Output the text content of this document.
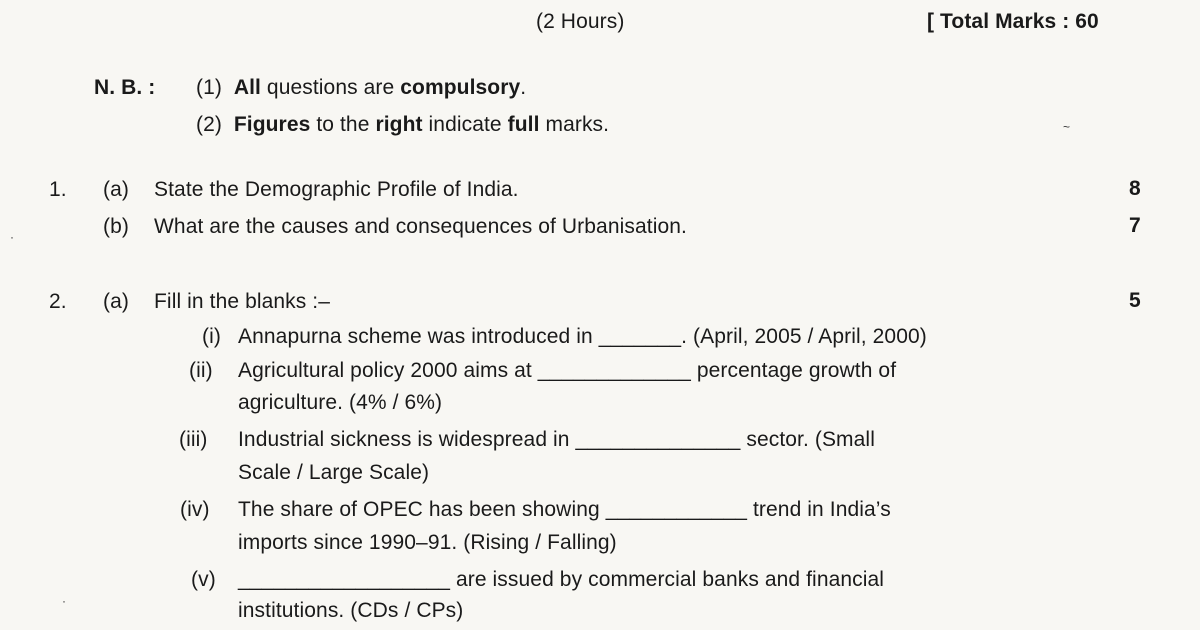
(2 Hours)	[ Total Marks : 60
N. B. : (1) All questions are compulsory.
(2) Figures to the right indicate full marks.	~
1. (a) State the Demographic Profile of India.	8
(b) What are the causes and consequences of Urbanisation.	7
2. (a) Fill in the blanks :–	5
(i) Annapurna scheme was introduced in _______. (April, 2005 / April, 2000)
(ii) Agricultural policy 2000 aims at _____________ percentage growth of
agriculture. (4% / 6%)
(iii) Industrial sickness is widespread in ______________ sector. (Small
Scale / Large Scale)
(iv) The share of OPEC has been showing ____________ trend in India’s
imports since 1990–91. (Rising / Falling)
(v) __________________ are issued by commercial banks and financial
institutions. (CDs / CPs)
·
·
